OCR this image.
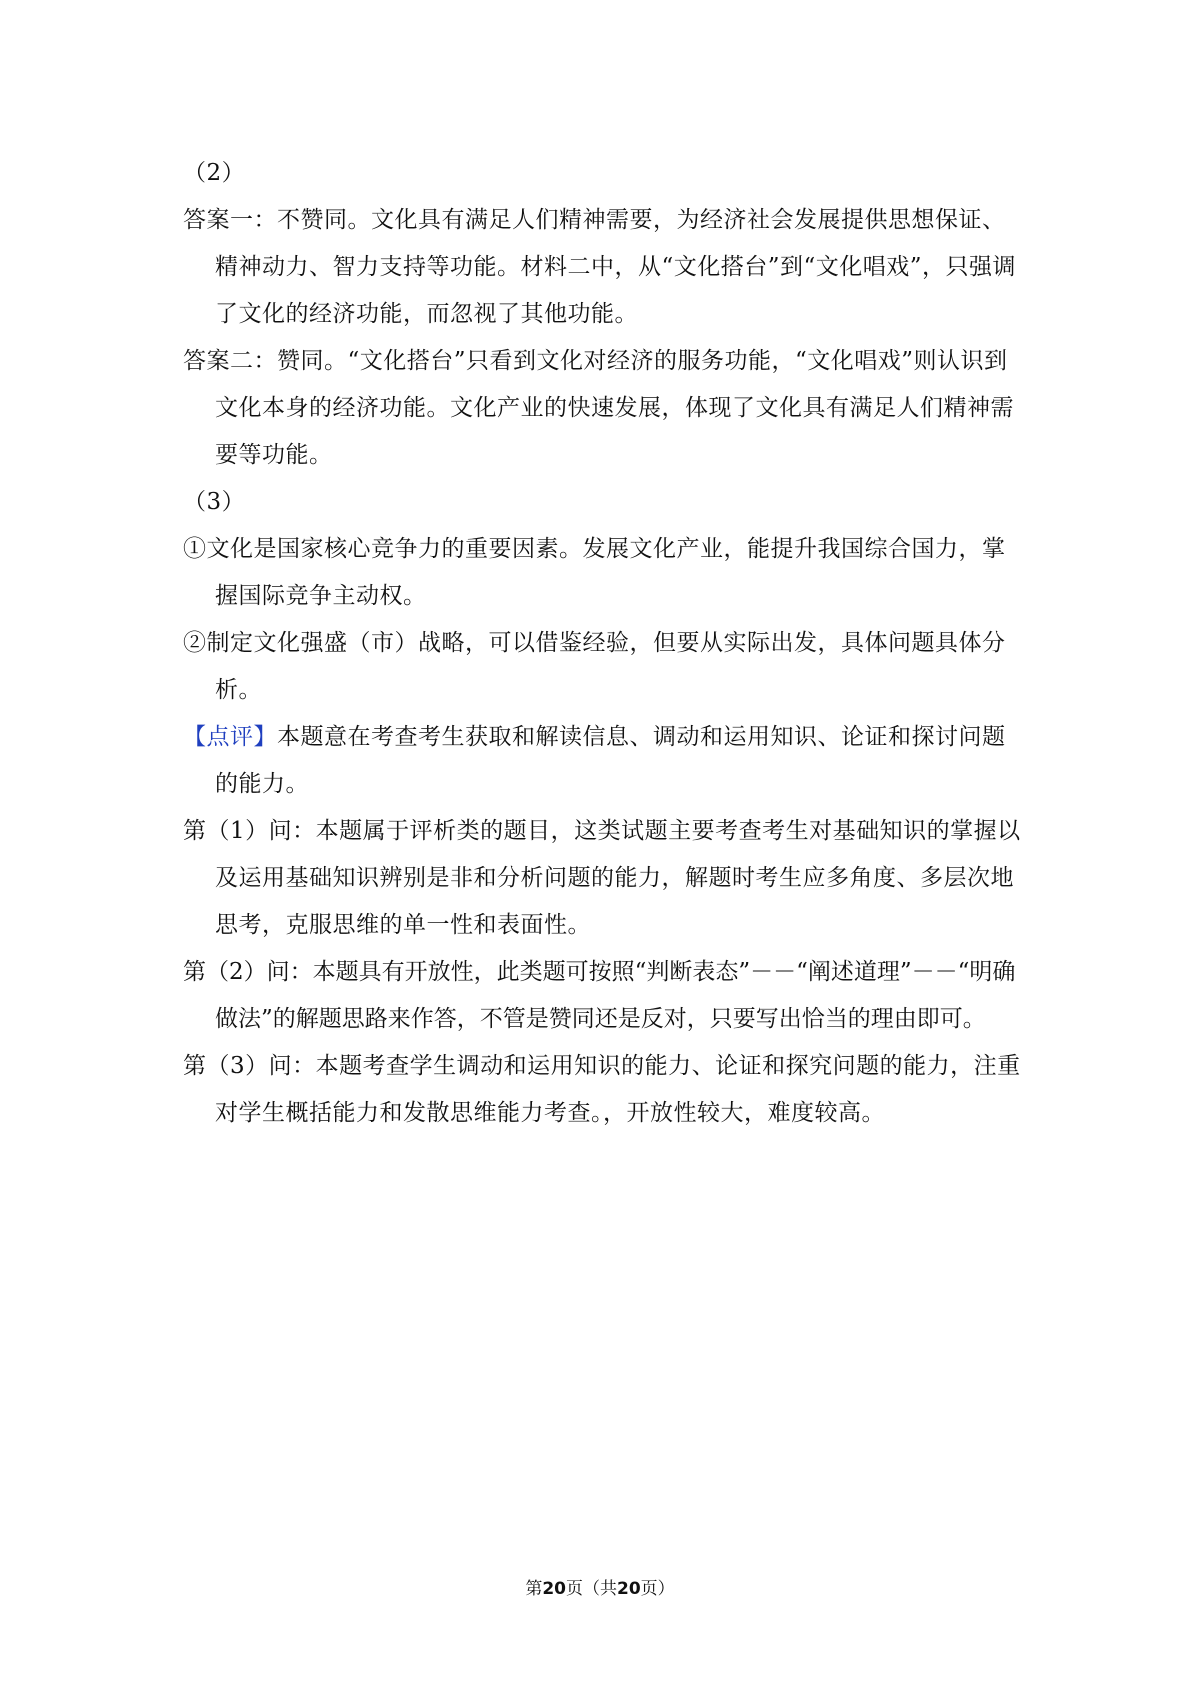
（2）

答案一：不赞同。文化具有满足人们精神需要，为经济社会发展提供思想保证、精神动力、智力支持等功能。材料二中，从“文化搭台”到“文化唱戏”，只强调了文化的经济功能，而忽视了其他功能。

答案二：赞同。“文化搭台”只看到文化对经济的服务功能，“文化唱戏”则认识到文化本身的经济功能。文化产业的快速发展，体现了文化具有满足人们精神需要等功能。

（3）

①文化是国家核心竞争力的重要因素。发展文化产业，能提升我国综合国力，掌握国际竞争主动权。

②制定文化强盛（市）战略，可以借鉴经验，但要从实际出发，具体问题具体分析。

【点评】本题意在考查考生获取和解读信息、调动和运用知识、论证和探讨问题的能力。

第（1）问：本题属于评析类的题目，这类试题主要考查考生对基础知识的掌握以及运用基础知识辨别是非和分析问题的能力，解题时考生应多角度、多层次地思考，克服思维的单一性和表面性。

第（2）问：本题具有开放性，此类题可按照“判断表态”－－“阐述道理”－－“明确做法”的解题思路来作答，不管是赞同还是反对，只要写出恰当的理由即可。

第（3）问：本题考查学生调动和运用知识的能力、论证和探究问题的能力，注重对学生概括能力和发散思维能力考查。，开放性较大，难度较高。

第20页（共20页）
